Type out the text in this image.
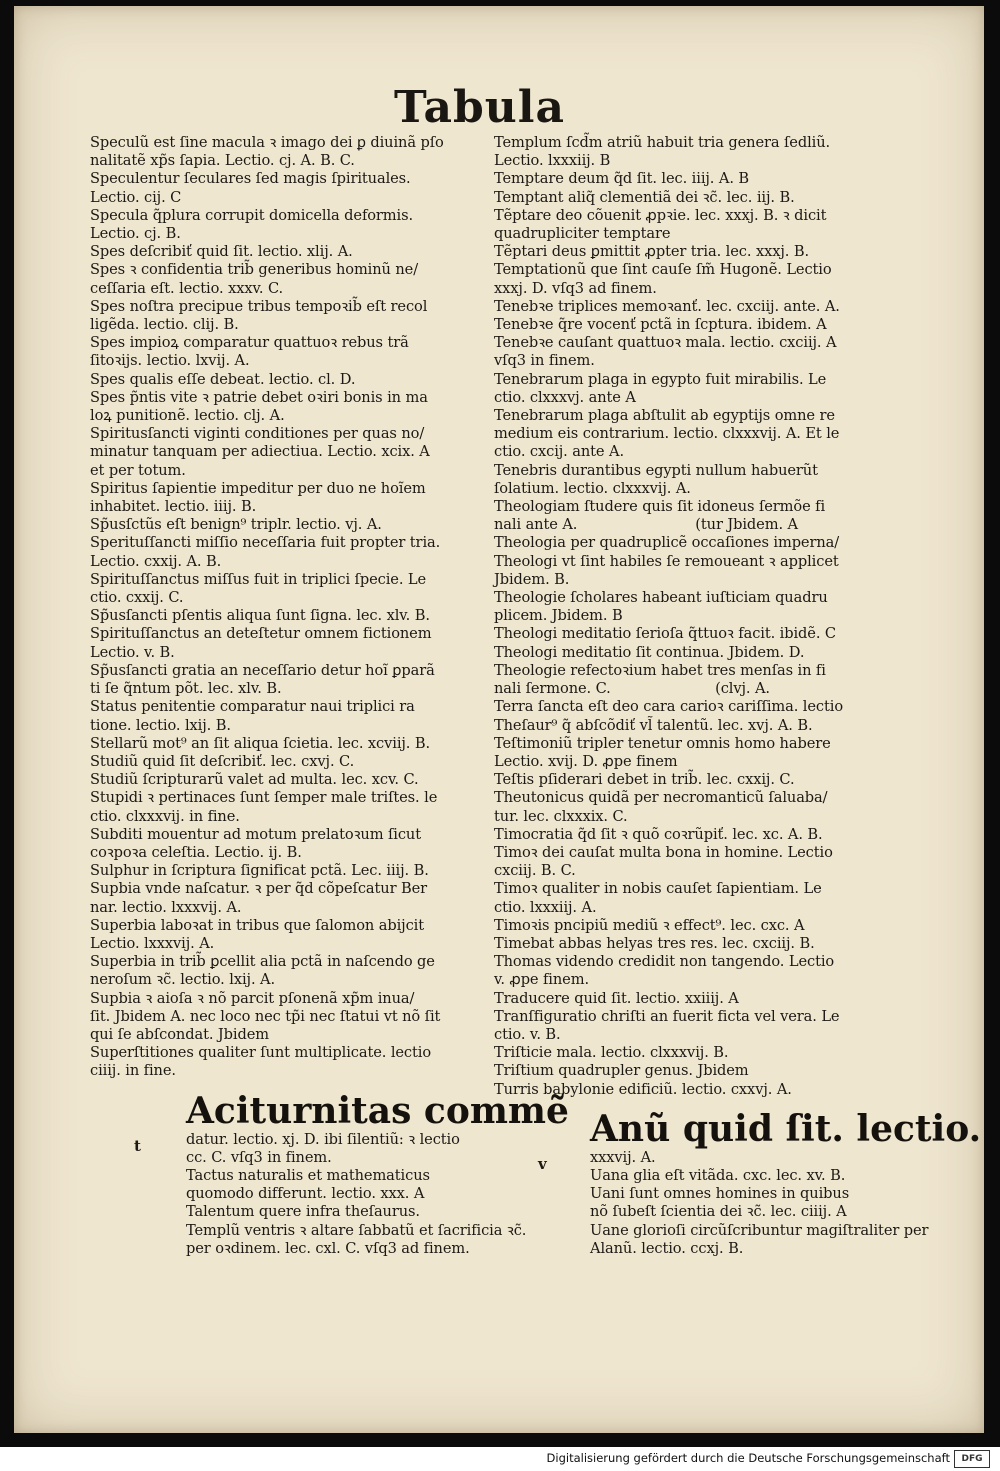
Tabula
Speculũ est ſine macula ꝛ imago dei ꝑ diuinã pſo
nalitatẽ xp̃s ſapia. Lectio. cj. A. B. C.
Speculentur ſeculares ſed magis ſpirituales.
Lectio. cij. C
Specula q̃plura corrupit domicella deformis.
Lectio. cj. B.
Spes deſcribiť quid ſit. lectio. xlij. A.
Spes ꝛ confidentia trib̃ generibus hominũ ne/
ceſſaria eſt. lectio. xxxv. C.
Spes noſtra precipue tribus tempoꝛib̃ eſt recol
ligẽda. lectio. clij. B.
Spes impioꝝ comparatur quattuoꝛ rebus trã
ſitoꝛijs. lectio. lxvij. A.
Spes qualis eſſe debeat. lectio. cl. D.
Spes p̃ntis vite ꝛ patrie debet oꝛiri bonis in ma
loꝝ punitionẽ. lectio. clj. A.
Spiritusſancti viginti conditiones per quas no/
minatur tanquam per adiectiua. Lectio. xcix. A
et per totum.
Spiritus ſapientie impeditur per duo ne hoĩem
inhabitet. lectio. iiij. B.
Sp̃usſctũs eſt benign⁹ triplr. lectio. vj. A.
Sperituſſancti miſſio neceſſaria fuit propter tria.
Lectio. cxxij. A. B.
Spirituſſanctus miſſus fuit in triplici ſpecie. Le
ctio. cxxij. C.
Sp̃usſancti pſentis aliqua ſunt ſigna. lec. xlv. B.
Spirituſſanctus an deteſtetur omnem fictionem
Lectio. v. B.
Sp̃usſancti gratia an neceſſario detur hoĩ ꝑparã
ti ſe q̃ntum põt. lec. xlv. B.
Status penitentie comparatur naui triplici ra
tione. lectio. lxij. B.
Stellarũ mot⁹ an ſit aliqua ſcietia. lec. xcviij. B.
Studiũ quid ſit deſcribiť. lec. cxvj. C.
Studiũ ſcripturarũ valet ad multa. lec. xcv. C.
Stupidi ꝛ pertinaces ſunt ſemper male triſtes. le
ctio. clxxxvij. in fine.
Subditi mouentur ad motum prelatoꝛum ſicut
coꝛpoꝛa celeſtia. Lectio. ij. B.
Sulphur in ſcriptura ſignificat pctã. Lec. iiij. B.
Supbia vnde naſcatur. ꝛ per q̃d cõpeſcatur Ber
nar. lectio. lxxxvij. A.
Superbia laboꝛat in tribus que ſalomon abijcit
Lectio. lxxxvij. A.
Superbia in trib̃ ꝑcellit alia pctã in naſcendo ge
neroſum ꝛc̃. lectio. lxij. A.
Supbia ꝛ aioſa ꝛ nõ parcit pſonenã xp̃m inua/
ſit. Jbidem A. nec loco nec tp̃i nec ſtatui vt nõ ſit
qui ſe abſcondat. Jbidem
Superſtitiones qualiter ſunt multiplicate. lectio
ciiij. in fine.
Aciturnitas commẽ
t	datur. lectio. xj. D. ibi ſilentiũ: ꝛ lectio
cc. C. vſq3 in finem.
Tactus naturalis et mathematicus
quomodo differunt. lectio. xxx. A
Talentum quere infra theſaurus.
Templũ ventris ꝛ altare ſabbatũ et ſacrificia ꝛc̃.
per oꝛdinem. lec. cxl. C. vſq3 ad finem.
Templum ſcd̃m atriũ habuit tria genera ſedliũ.
Lectio. lxxxiij. B
Temptare deum q̃d ſit. lec. iiij. A. B
Temptant aliq̃ clementiã dei ꝛc̃. lec. iij. B.
Tẽptare deo cõuenit ꝓpꝛie. lec. xxxj. B. ꝛ dicit
quadrupliciter temptare
Tẽptari deus ꝑmittit ꝓpter tria. lec. xxxj. B.
Temptationũ que ſint cauſe ſm̃ Hugonẽ. Lectio
xxxj. D. vſq3 ad finem.
Tenebꝛe triplices memoꝛanť. lec. cxciij. ante. A.
Tenebꝛe q̃re vocenť pctã in ſcptura. ibidem. A
Tenebꝛe cauſant quattuoꝛ mala. lectio. cxciij. A
vſq3 in finem.
Tenebrarum plaga in egypto fuit mirabilis. Le
ctio. clxxxvj. ante A
Tenebrarum plaga abſtulit ab egyptijs omne re
medium eis contrarium. lectio. clxxxvij. A. Et le
ctio. cxcij. ante A.
Tenebris durantibus egypti nullum habuerũt
ſolatium. lectio. clxxxvij. A.
Theologiam ſtudere quis ſit idoneus ſermõe fi
nali ante A.                          (tur Jbidem. A
Theologia per quadruplicẽ occaſiones imperna/
Theologi vt ſint habiles ſe remoueant ꝛ applicet
Jbidem. B.
Theologie ſcholares habeant iuſticiam quadru
plicem. Jbidem. B
Theologi meditatio ſerioſa q̃ttuoꝛ facit. ibidẽ. C
Theologi meditatio ſit continua. Jbidem. D.
Theologie refectoꝛium habet tres menſas in fi
nali ſermone. C.                       (clvj. A.
Terra ſancta eſt deo cara carioꝛ cariſſima. lectio
Theſaur⁹ q̃ abſcõdiť vl̃ talentũ. lec. xvj. A. B.
Teſtimoniũ tripler tenetur omnis homo habere
Lectio. xvij. D. ꝓpe finem
Teſtis pſiderari debet in trib̃. lec. cxxij. C.
Theutonicus quidã per necromanticũ ſaluaba/
tur. lec. clxxxix. C.
Timocratia q̃d ſit ꝛ quõ coꝛrũpiť. lec. xc. A. B.
Timoꝛ dei cauſat multa bona in homine. Lectio
cxciij. B. C.
Timoꝛ qualiter in nobis cauſet ſapientiam. Le
ctio. lxxxiij. A.
Timoꝛis pncipiũ mediũ ꝛ effect⁹. lec. cxc. A
Timebat abbas helyas tres res. lec. cxciij. B.
Thomas videndo credidit non tangendo. Lectio
v. ꝓpe finem.
Traducere quid ſit. lectio. xxiiij. A
Tranſfiguratio chriſti an fuerit ficta vel vera. Le
ctio. v. B.
Triſticie mala. lectio. clxxxvij. B.
Triſtium quadrupler genus. Jbidem
Turris babylonie edificiũ. lectio. cxxvj. A.
Anũ quid ſit. lectio.
v	xxxvij. A.
Uana glia eſt vitãda. cxc. lec. xv. B.
Uani ſunt omnes homines in quibus
nõ ſubeſt ſcientia dei ꝛc̃. lec. ciiij. A
Uane glorioſi circũſcribuntur magiſtraliter per
Alanũ. lectio. ccxj. B.
Digitalisierung gefördert durch die Deutsche Forschungsgemeinschaft	DFG
